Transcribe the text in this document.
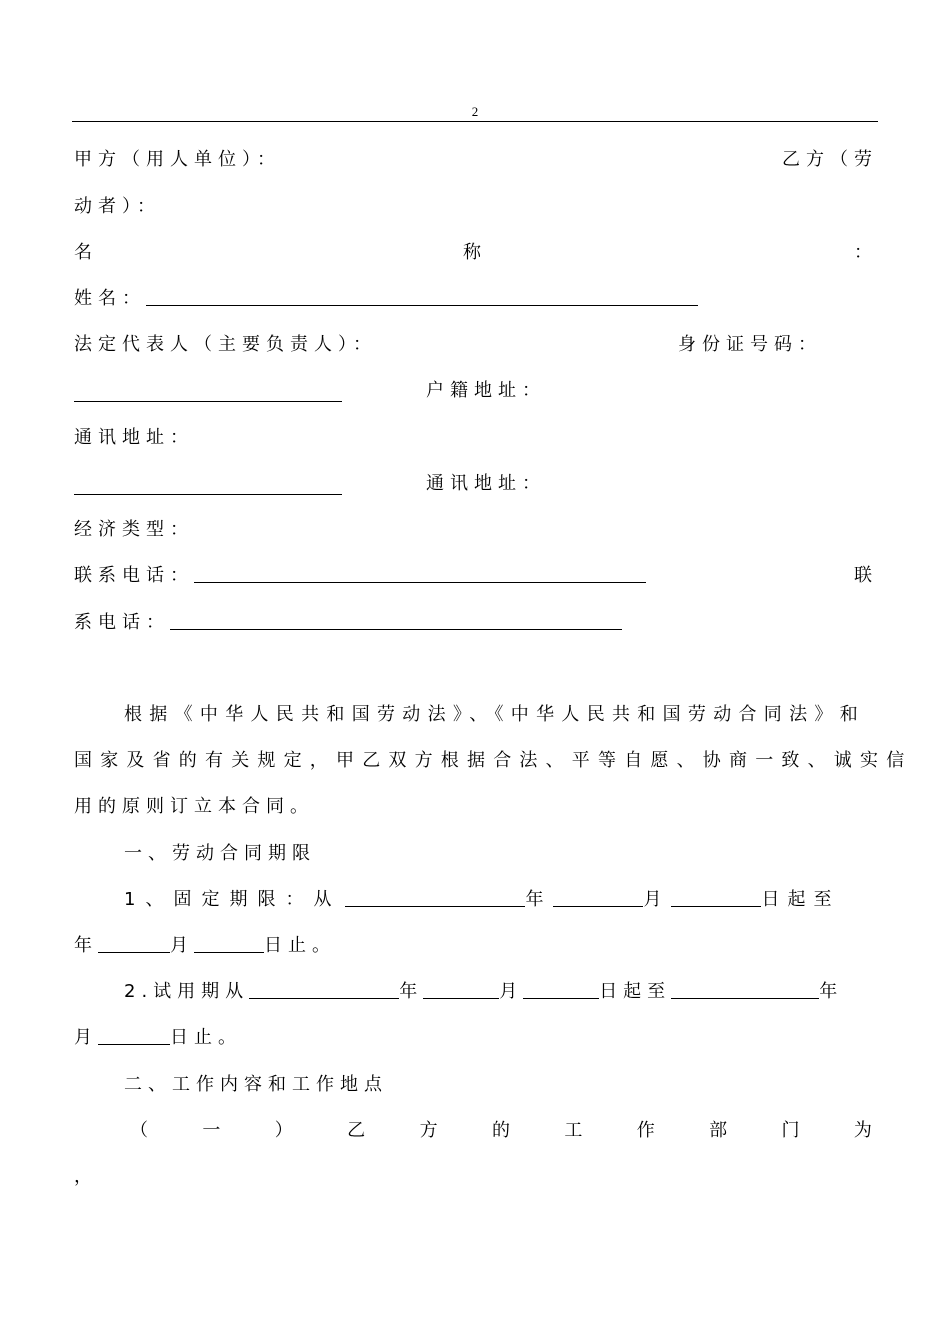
2
甲方（用人单位）：	乙方（劳
动者）：
名	称	：
姓名：
法定代表人（主要负责人）：	身份证号码：
户籍地址：
通讯地址：
通讯地址：
经济类型：
联系电话：	联
系电话：
根据《中华人民共和国劳动法》、《中华人民共和国劳动合同法》和
国家及省的有关规定，甲乙双方根据合法、平等自愿、协商一致、诚实信
用的原则订立本合同。
一、劳动合同期限
1、固定期限：从	年	月	日起至
年	月	日止。
2.试用期从	年	月	日起至	年
月	日止。
二、工作内容和工作地点
（	一	）	乙	方	的	工	作	部	门	为
，
